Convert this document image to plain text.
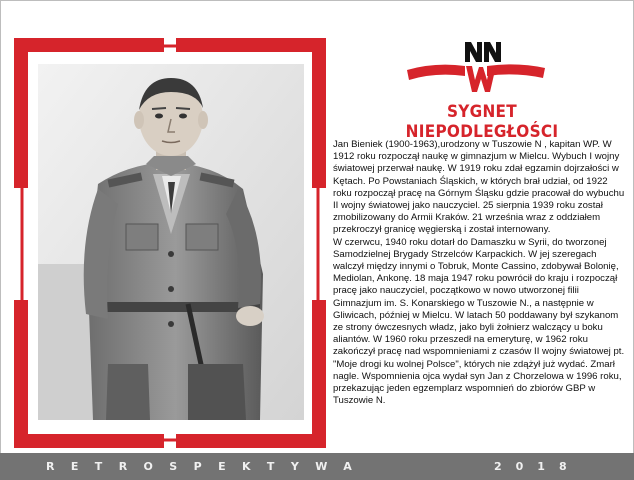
SYGNET NIEPODLEGŁOŚCI

Jan Bieniek (1900-1963),urodzony w Tuszowie N , kapitan WP. W 1912 roku rozpoczął naukę w gimnazjum w Mielcu. Wybuch I wojny światowej przerwał naukę. W 1919 roku zdał egzamin dojrzałości w Kętach. Po Powstaniach Śląskich, w których brał udział, od 1922 roku rozpoczął pracę na Górnym Śląsku gdzie pracował do wybuchu II wojny światowej jako nauczyciel. 25 sierpnia 1939 roku został zmobilizowany do Armii Kraków. 21 września wraz z oddziałem przekroczył granicę węgierską i został internowany.

W czerwcu, 1940 roku dotarł do Damaszku w Syrii, do tworzonej Samodzielnej Brygady Strzelców Karpackich. W jej szeregach walczył między innymi o Tobruk, Monte Cassino, zdobywał Bolonię, Mediolan, Ankonę. 18 maja 1947 roku powrócił do kraju i rozpoczął pracę jako nauczyciel, początkowo w nowo utworzonej filii Gimnazjum im. S. Konarskiego w Tuszowie N., a następnie w Gliwicach, później w Mielcu. W latach 50 poddawany był szykanom ze strony ówczesnych władz, jako byli żołnierz walczący u boku aliantów. W 1960 roku przeszedł na emeryturę, w 1962 roku zakończył pracę nad wspomnieniami z czasów II wojny światowej pt. "Moje drogi ku wolnej Polsce", których nie zdążył już wydać. Zmarł nagle. Wspomnienia ojca wydał syn Jan z Chorzelowa w 1996 roku, przekazując jeden egzemplarz wspomnień do zbiorów GBP w Tuszowie N.

RETROSPEKTYWA	2018
